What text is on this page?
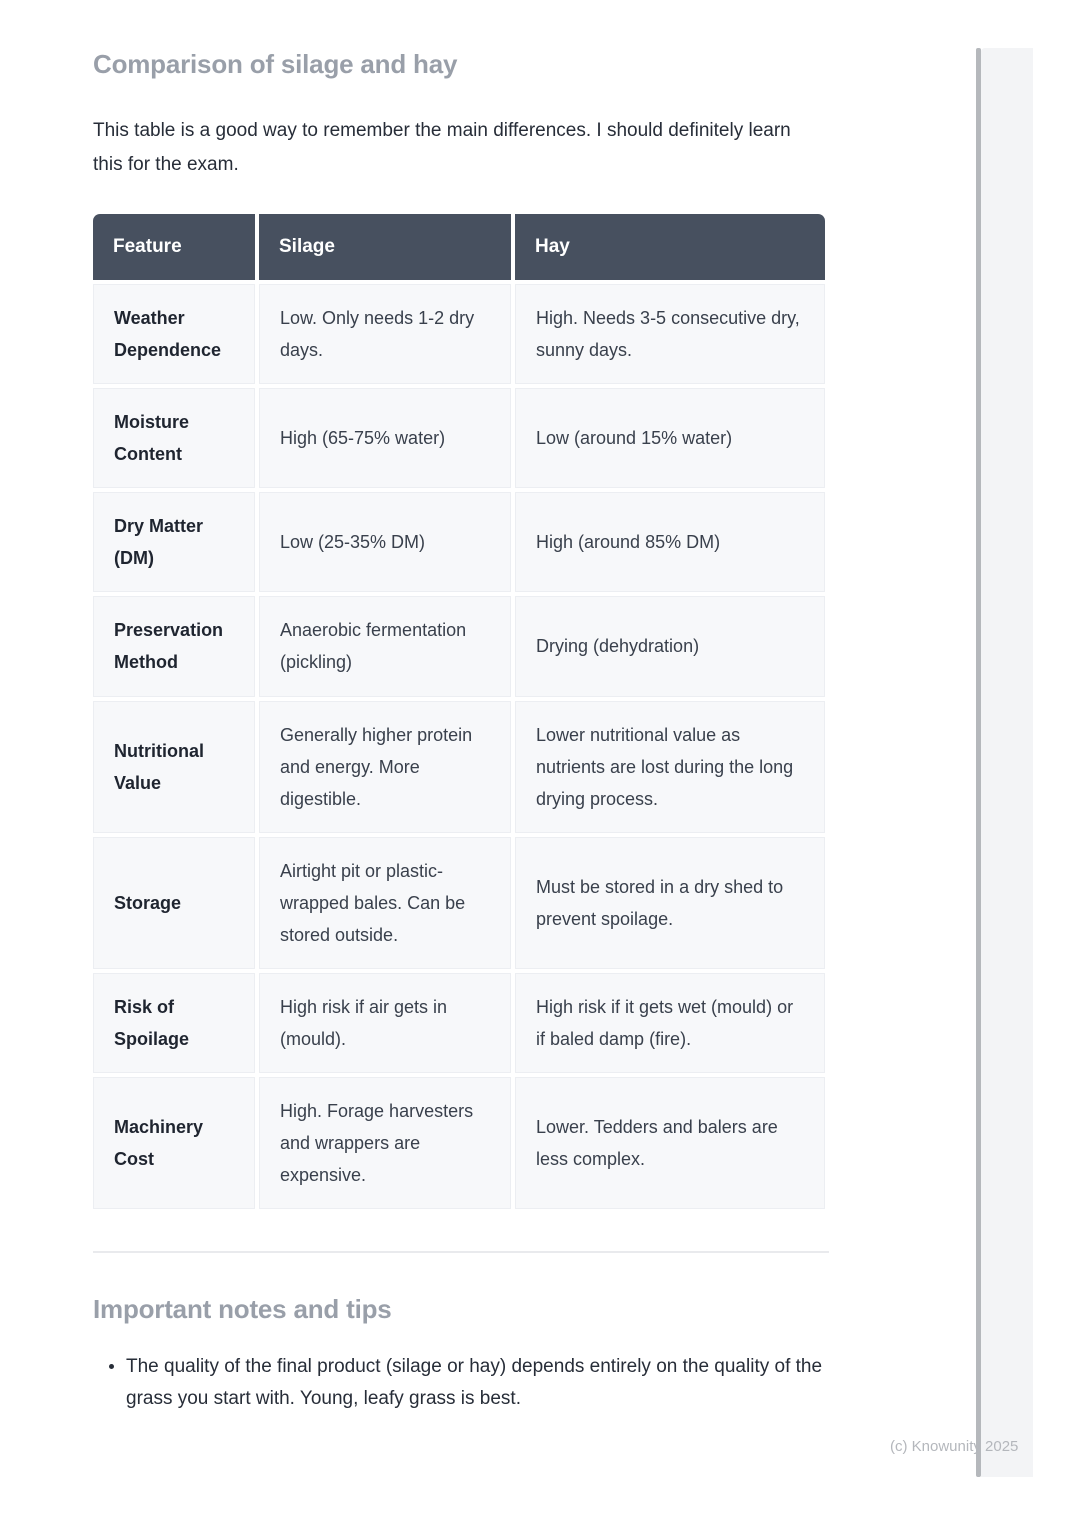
Comparison of silage and hay

This table is a good way to remember the main differences. I should definitely learn this for the exam.

Feature	Silage	Hay
Weather Dependence	Low. Only needs 1-2 dry days.	High. Needs 3-5 consecutive dry, sunny days.
Moisture Content	High (65-75% water)	Low (around 15% water)
Dry Matter (DM)	Low (25-35% DM)	High (around 85% DM)
Preservation Method	Anaerobic fermentation (pickling)	Drying (dehydration)
Nutritional Value	Generally higher protein and energy. More digestible.	Lower nutritional value as nutrients are lost during the long drying process.
Storage	Airtight pit or plastic-wrapped bales. Can be stored outside.	Must be stored in a dry shed to prevent spoilage.
Risk of Spoilage	High risk if air gets in (mould).	High risk if it gets wet (mould) or if baled damp (fire).
Machinery Cost	High. Forage harvesters and wrappers are expensive.	Lower. Tedders and balers are less complex.
Important notes and tips
• The quality of the final product (silage or hay) depends entirely on the quality of the grass you start with. Young, leafy grass is best.
(c) Knowunity 2025
